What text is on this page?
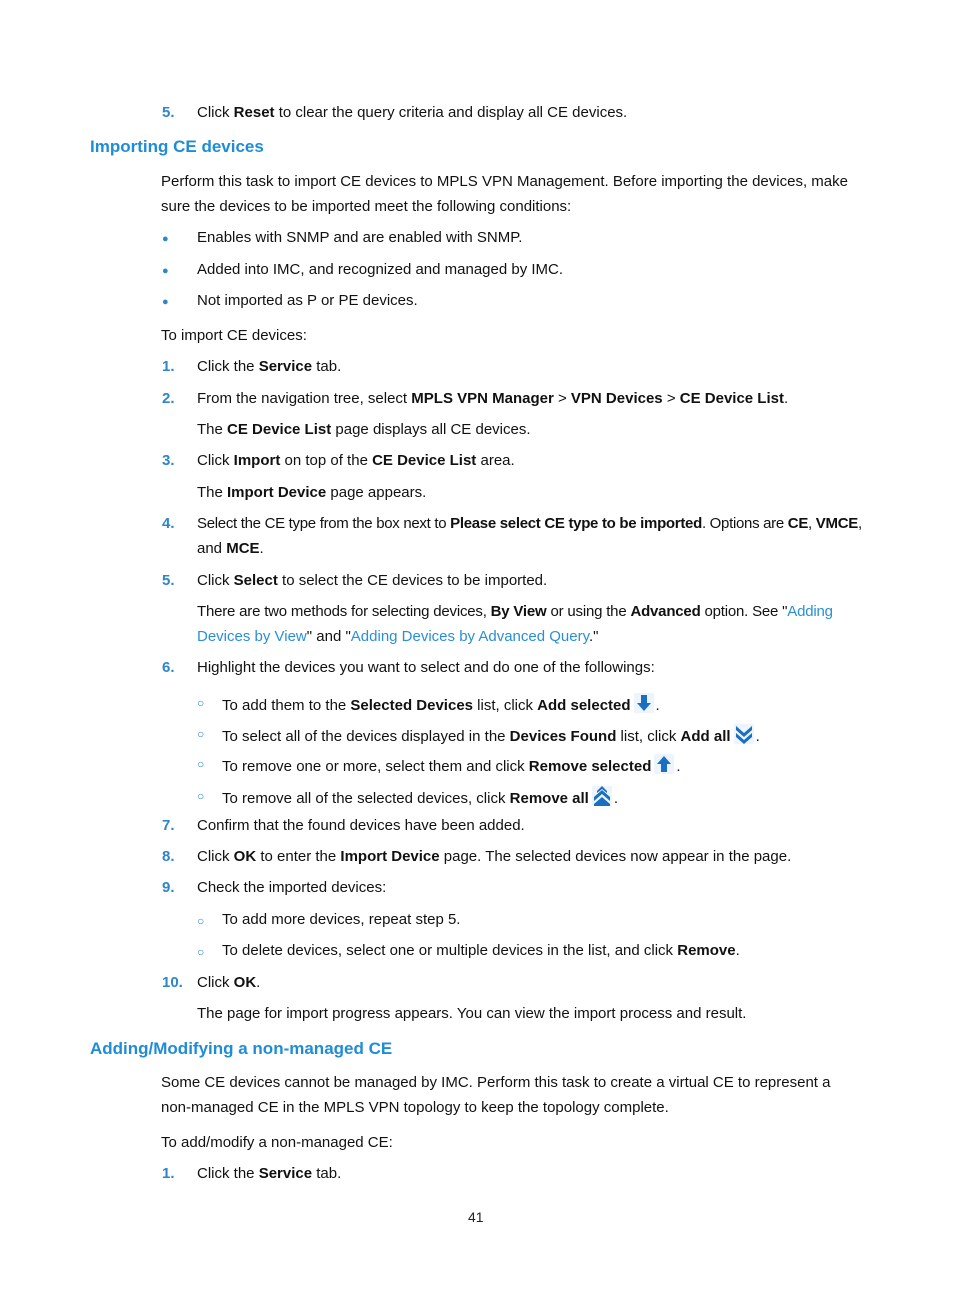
5. Click Reset to clear the query criteria and display all CE devices.
Importing CE devices
Perform this task to import CE devices to MPLS VPN Management. Before importing the devices, make
sure the devices to be imported meet the following conditions:
● Enables with SNMP and are enabled with SNMP.
● Added into IMC, and recognized and managed by IMC.
● Not imported as P or PE devices.
To import CE devices:
1. Click the Service tab.
2. From the navigation tree, select MPLS VPN Manager > VPN Devices > CE Device List.
The CE Device List page displays all CE devices.
3. Click Import on top of the CE Device List area.
The Import Device page appears.
4. Select the CE type from the box next to Please select CE type to be imported. Options are CE, VMCE,
and MCE.
5. Click Select to select the CE devices to be imported.
There are two methods for selecting devices, By View or using the Advanced option. See "Adding
Devices by View" and "Adding Devices by Advanced Query."
6. Highlight the devices you want to select and do one of the followings:
○ To add them to the Selected Devices list, click Add selected .
○ To select all of the devices displayed in the Devices Found list, click Add all .
○ To remove one or more, select them and click Remove selected .
○ To remove all of the selected devices, click Remove all .
7. Confirm that the found devices have been added.
8. Click OK to enter the Import Device page. The selected devices now appear in the page.
9. Check the imported devices:
○ To add more devices, repeat step 5.
○ To delete devices, select one or multiple devices in the list, and click Remove.
10. Click OK.
The page for import progress appears. You can view the import process and result.
Adding/Modifying a non-managed CE
Some CE devices cannot be managed by IMC. Perform this task to create a virtual CE to represent a
non-managed CE in the MPLS VPN topology to keep the topology complete.
To add/modify a non-managed CE:
1. Click the Service tab.
41
